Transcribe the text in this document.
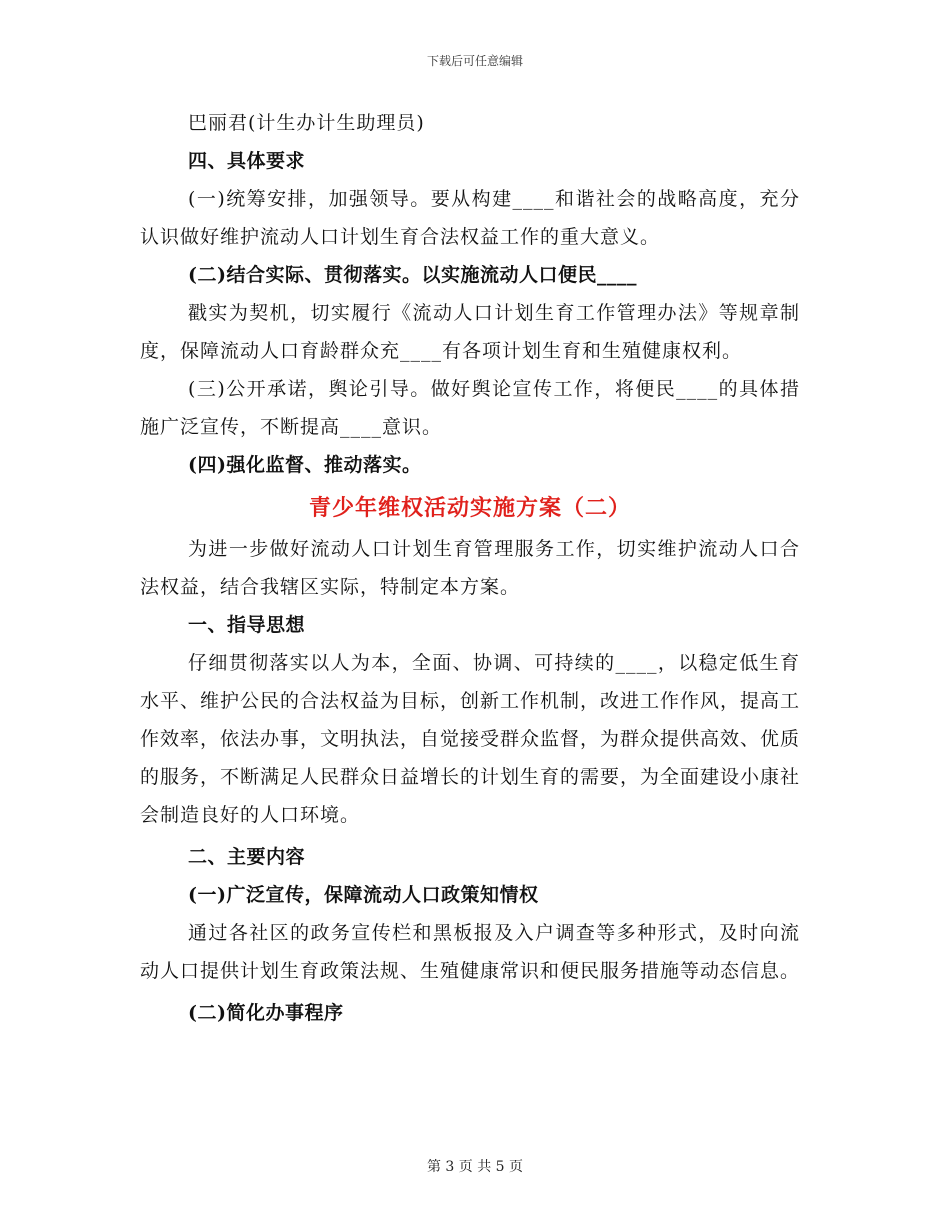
下载后可任意编辑

巴丽君(计生办计生助理员)

四、具体要求

(一)统筹安排，加强领导。要从构建____和谐社会的战略高度，充分认识做好维护流动人口计划生育合法权益工作的重大意义。

(二)结合实际、贯彻落实。以实施流动人口便民____

戳实为契机，切实履行《流动人口计划生育工作管理办法》等规章制度，保障流动人口育龄群众充____有各项计划生育和生殖健康权利。

(三)公开承诺，舆论引导。做好舆论宣传工作，将便民____的具体措施广泛宣传，不断提高____意识。

(四)强化监督、推动落实。

青少年维权活动实施方案（二）

为进一步做好流动人口计划生育管理服务工作，切实维护流动人口合法权益，结合我辖区实际，特制定本方案。

一、指导思想

仔细贯彻落实以人为本，全面、协调、可持续的____，以稳定低生育水平、维护公民的合法权益为目标，创新工作机制，改进工作作风，提高工作效率，依法办事，文明执法，自觉接受群众监督，为群众提供高效、优质的服务，不断满足人民群众日益增长的计划生育的需要，为全面建设小康社会制造良好的人口环境。

二、主要内容

(一)广泛宣传，保障流动人口政策知情权

通过各社区的政务宣传栏和黑板报及入户调查等多种形式，及时向流动人口提供计划生育政策法规、生殖健康常识和便民服务措施等动态信息。

(二)简化办事程序

第 3 页 共 5 页
